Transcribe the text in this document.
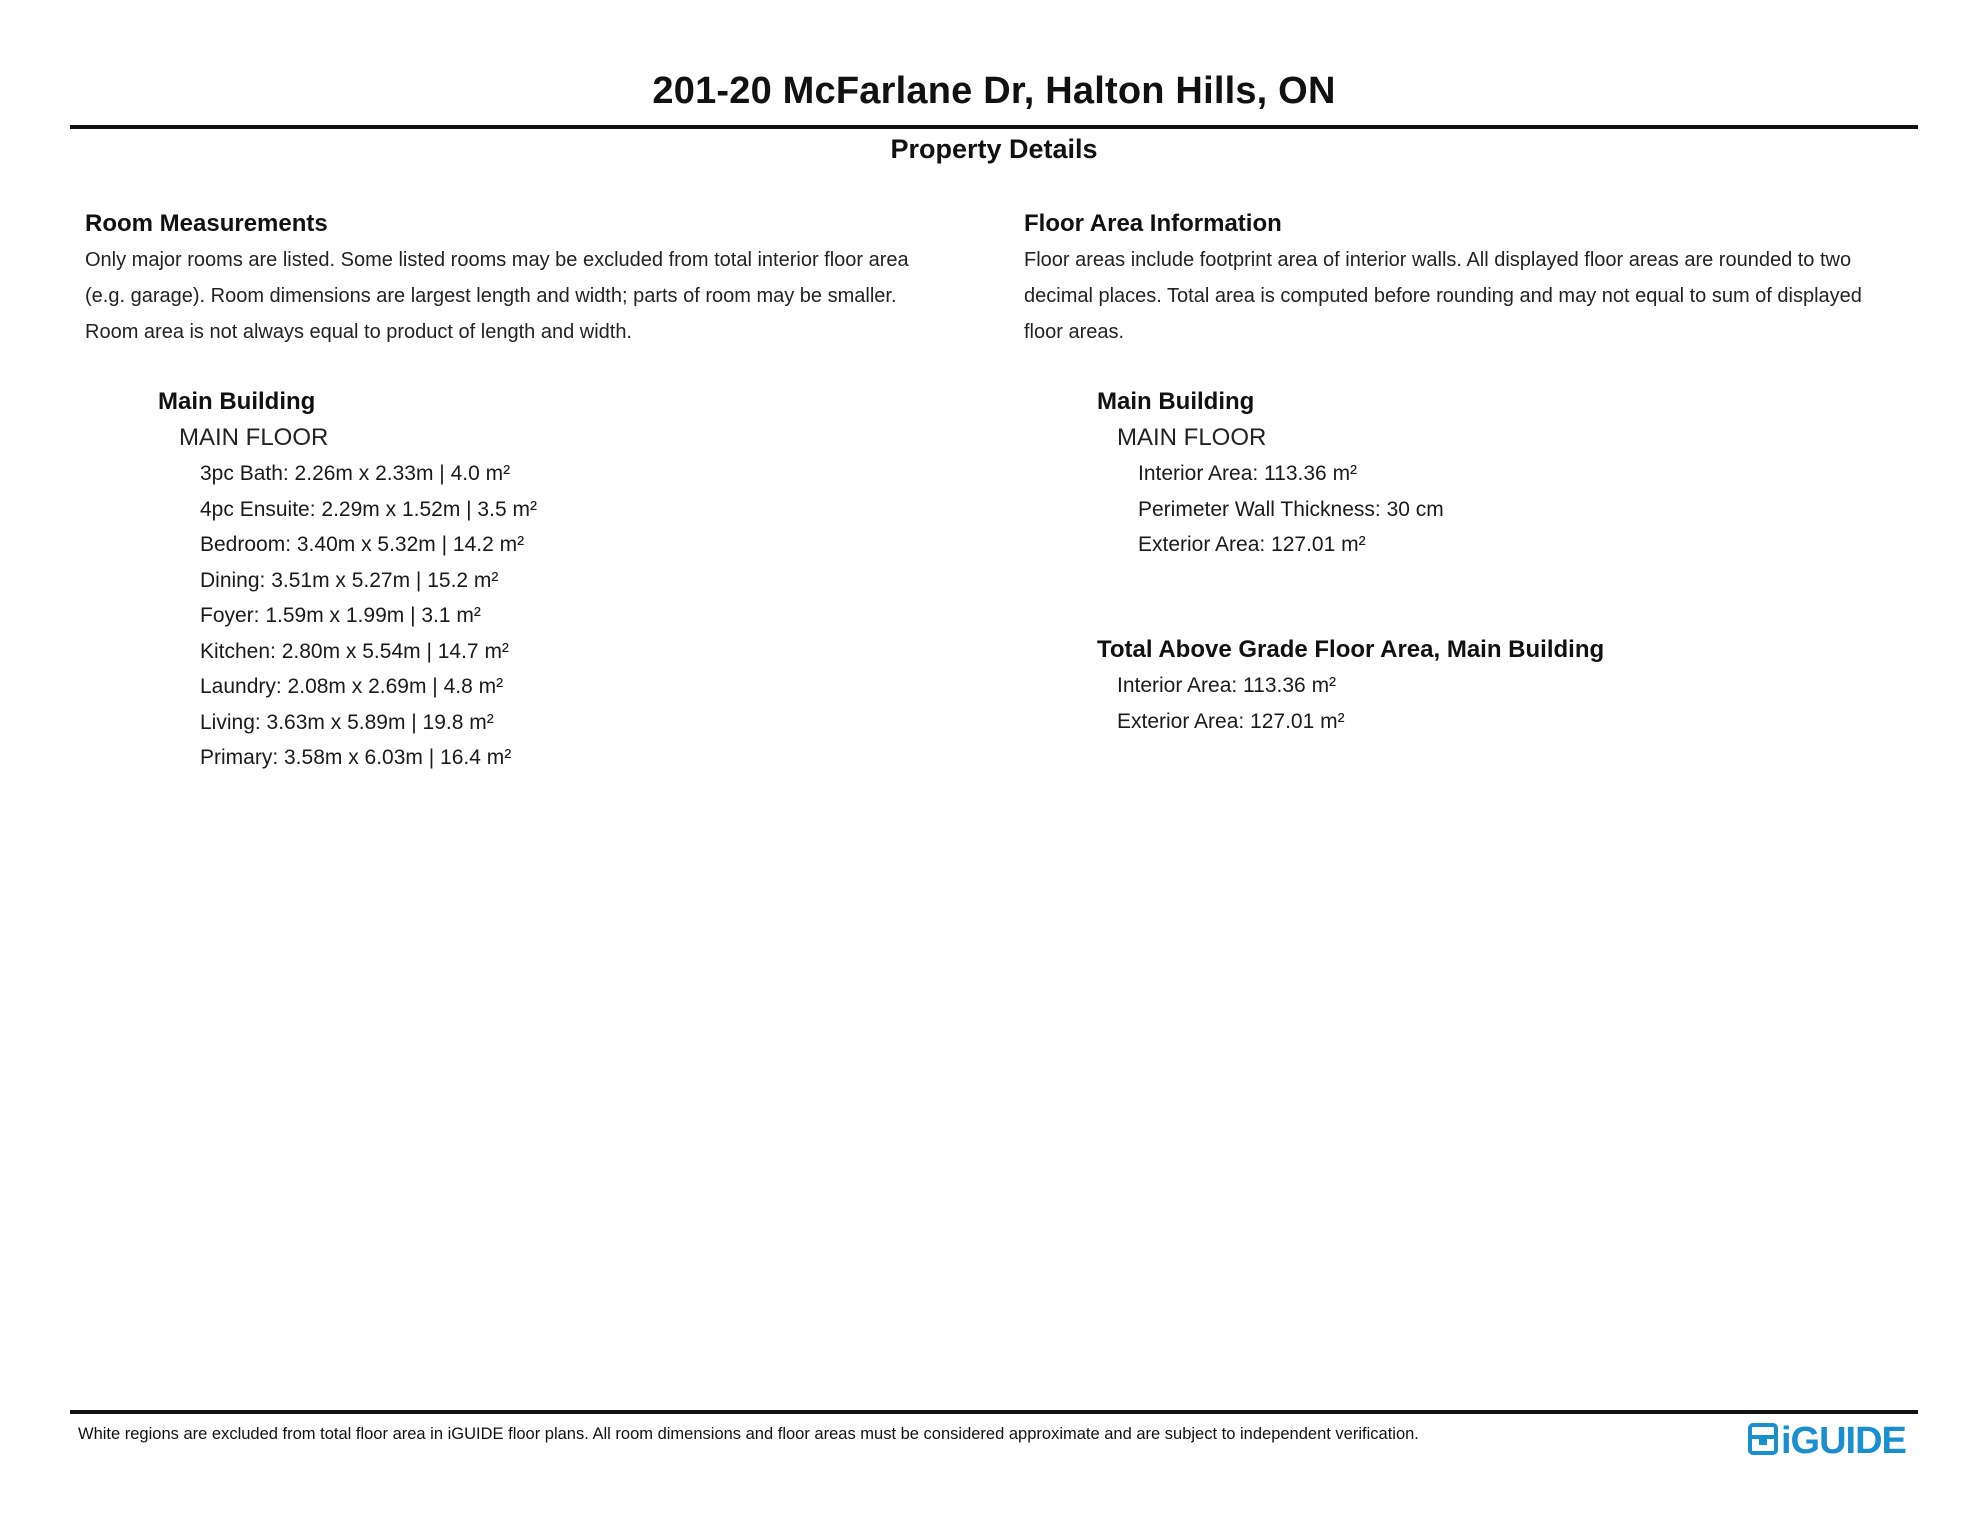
201-20 McFarlane Dr, Halton Hills, ON
Property Details
Room Measurements
Only major rooms are listed. Some listed rooms may be excluded from total interior floor area
(e.g. garage). Room dimensions are largest length and width; parts of room may be smaller.
Room area is not always equal to product of length and width.
Main Building
MAIN FLOOR
3pc Bath: 2.26m x 2.33m | 4.0 m²
4pc Ensuite: 2.29m x 1.52m | 3.5 m²
Bedroom: 3.40m x 5.32m | 14.2 m²
Dining: 3.51m x 5.27m | 15.2 m²
Foyer: 1.59m x 1.99m | 3.1 m²
Kitchen: 2.80m x 5.54m | 14.7 m²
Laundry: 2.08m x 2.69m | 4.8 m²
Living: 3.63m x 5.89m | 19.8 m²
Primary: 3.58m x 6.03m | 16.4 m²
Floor Area Information
Floor areas include footprint area of interior walls. All displayed floor areas are rounded to two
decimal places. Total area is computed before rounding and may not equal to sum of displayed
floor areas.
Main Building
MAIN FLOOR
Interior Area: 113.36 m²
Perimeter Wall Thickness: 30 cm
Exterior Area: 127.01 m²
Total Above Grade Floor Area, Main Building
Interior Area: 113.36 m²
Exterior Area: 127.01 m²
White regions are excluded from total floor area in iGUIDE floor plans. All room dimensions and floor areas must be considered approximate and are subject to independent verification.	iGUIDE
